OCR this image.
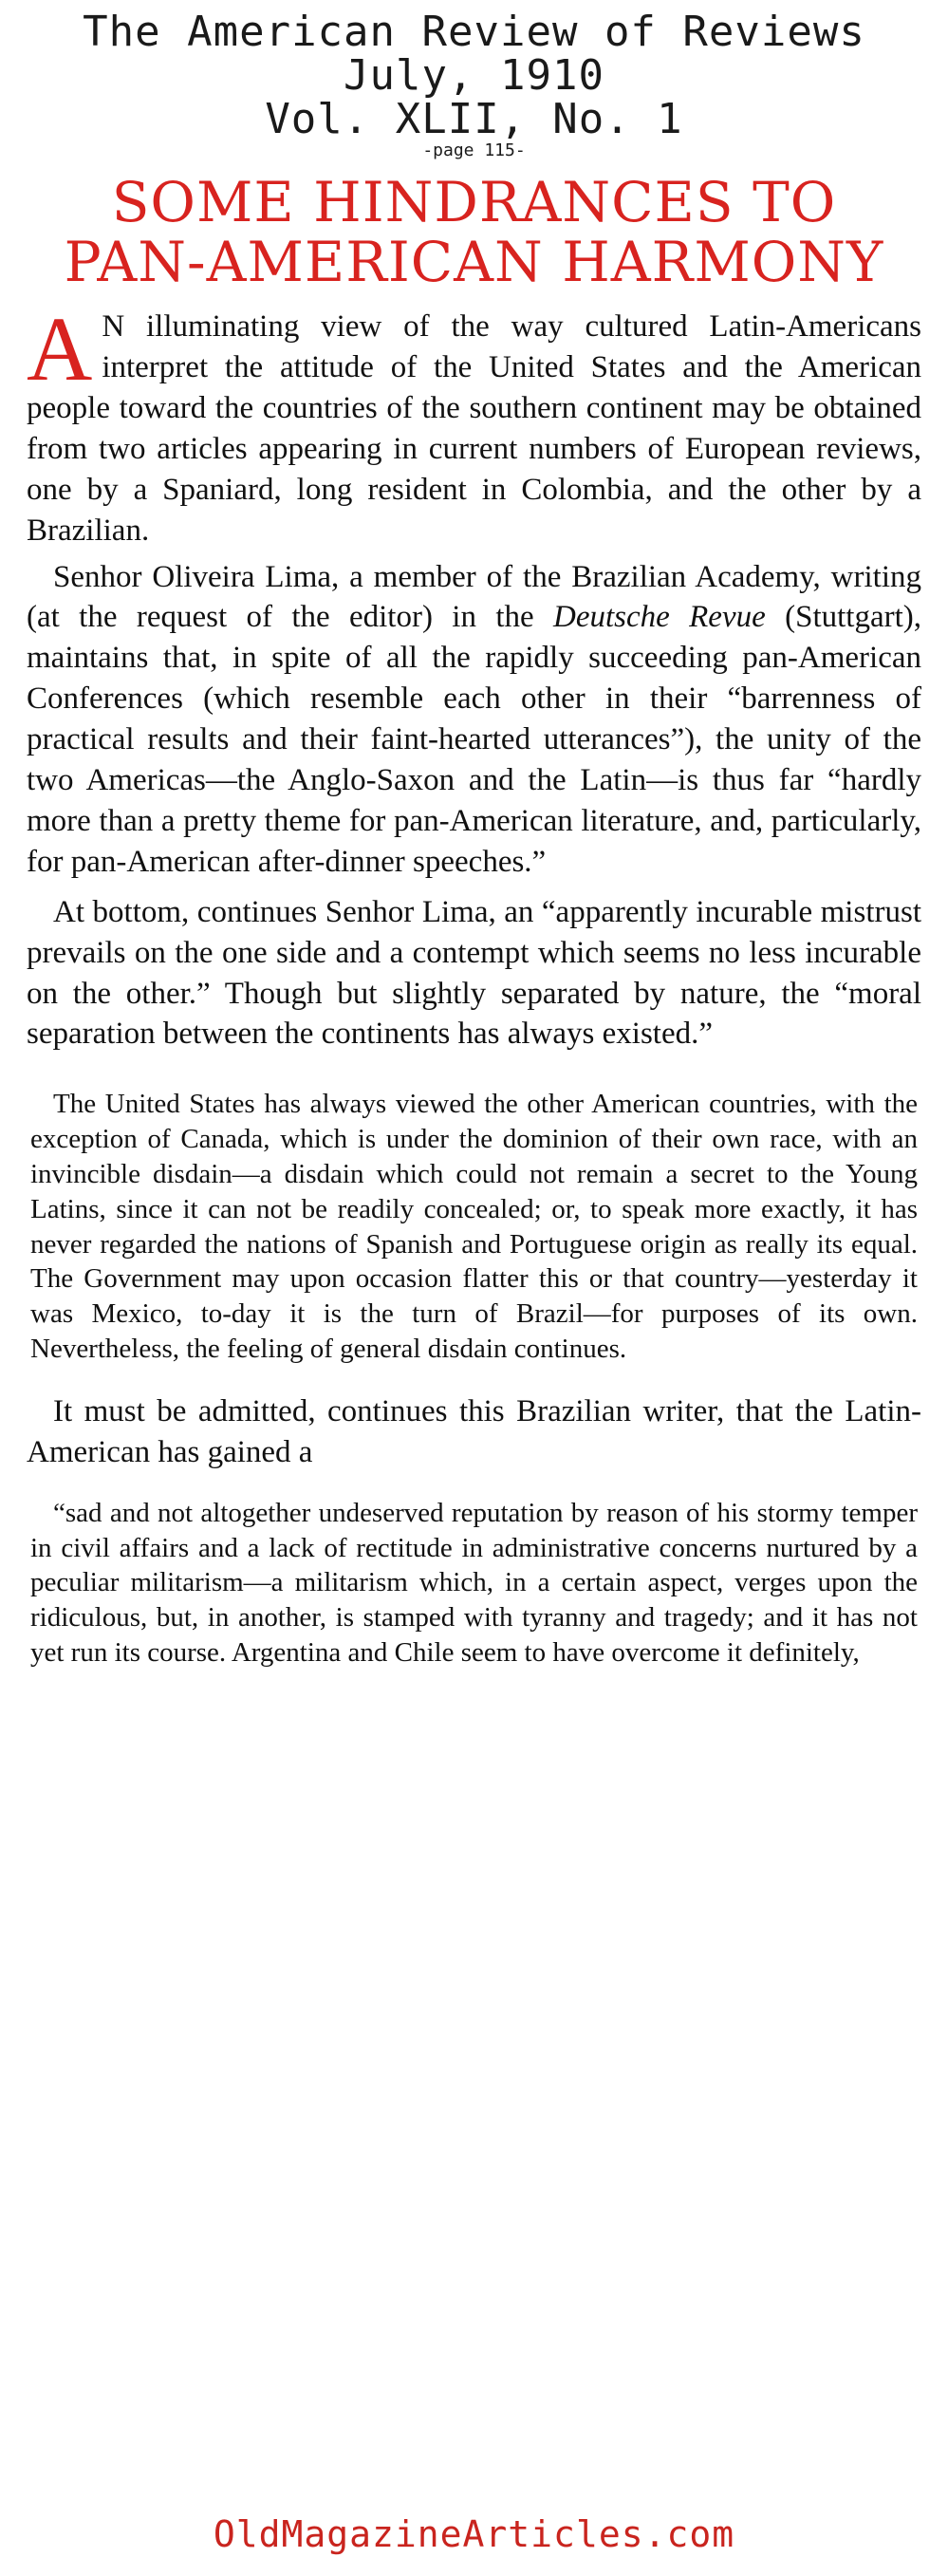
The American Review of Reviews
July, 1910
Vol. XLII, No. 1
-page 115-
SOME HINDRANCES TO
PAN-AMERICAN HARMONY

A N illuminating view of the way cultured Latin-Americans interpret the attitude of the United States and the American people toward the countries of the southern continent may be obtained from two articles appearing in current numbers of European reviews, one by a Spaniard, long resident in Colombia, and the other by a Brazilian.

Senhor Oliveira Lima, a member of the Brazilian Academy, writing (at the request of the editor) in the Deutsche Revue (Stuttgart), maintains that, in spite of all the rapidly succeeding pan-American Conferences (which resemble each other in their “barrenness of practical results and their faint-hearted utterances”), the unity of the two Americas—the Anglo-Saxon and the Latin—is thus far “hardly more than a pretty theme for pan-American literature, and, particularly, for pan-American after-dinner speeches.”

At bottom, continues Senhor Lima, an “apparently incurable mistrust prevails on the one side and a contempt which seems no less incurable on the other.” Though but slightly separated by nature, the “moral separation between the continents has always existed.”

The United States has always viewed the other American countries, with the exception of Canada, which is under the dominion of their own race, with an invincible disdain—a disdain which could not remain a secret to the Young Latins, since it can not be readily concealed; or, to speak more exactly, it has never regarded the nations of Spanish and Portuguese origin as really its equal. The Government may upon occasion flatter this or that country—yesterday it was Mexico, to-day it is the turn of Brazil—for purposes of its own. Nevertheless, the feeling of general disdain continues.

It must be admitted, continues this Brazilian writer, that the Latin-American has gained a

“sad and not altogether undeserved reputation by reason of his stormy temper in civil affairs and a lack of rectitude in administrative concerns nurtured by a peculiar militarism—a militarism which, in a certain aspect, verges upon the ridiculous, but, in another, is stamped with tyranny and tragedy; and it has not yet run its course. Argentina and Chile seem to have overcome it definitely,

OldMagazineArticles.com
